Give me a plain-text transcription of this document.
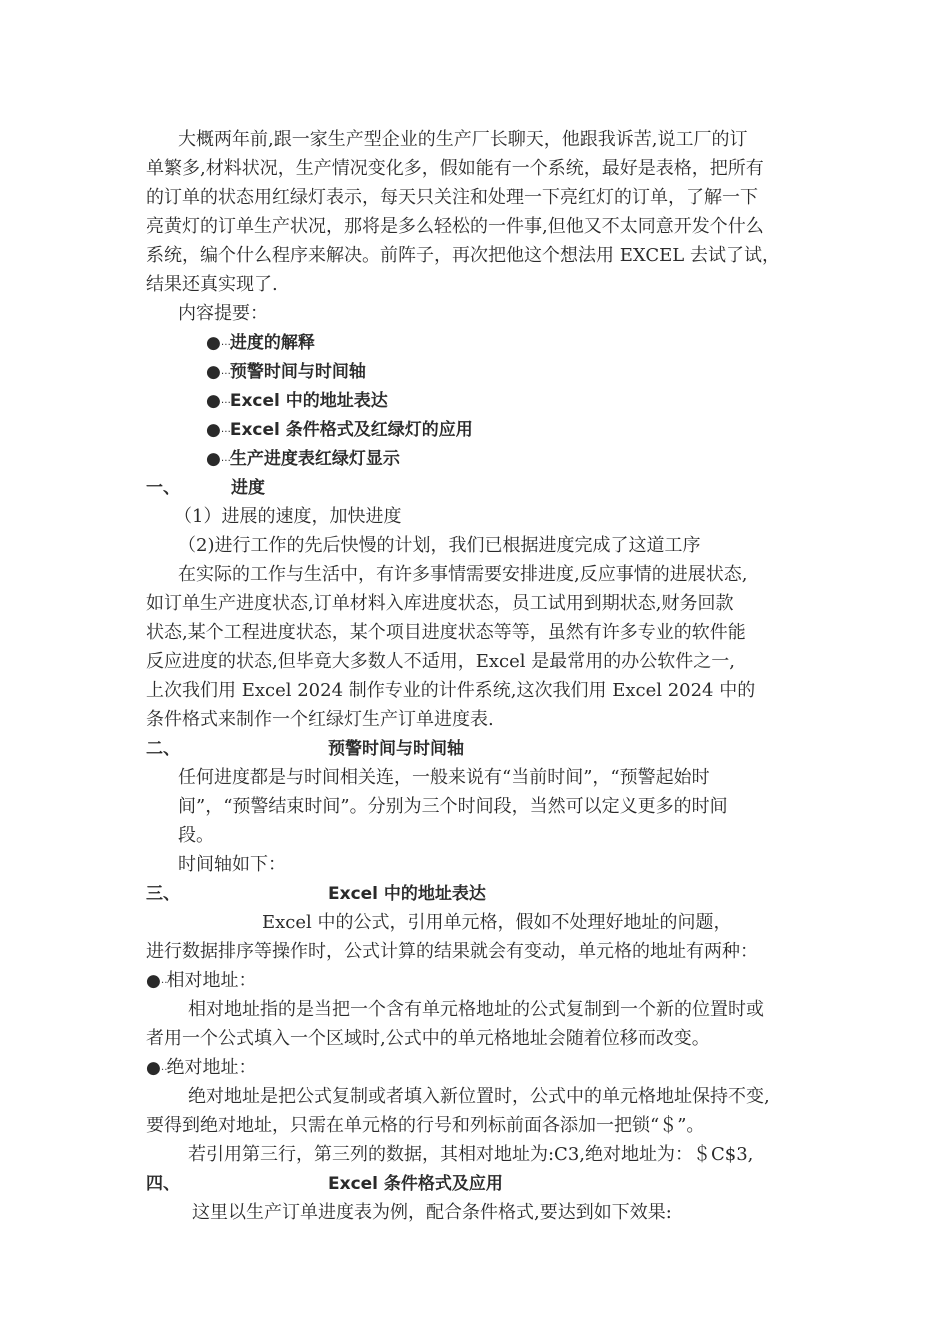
大概两年前,跟一家生产型企业的生产厂长聊天，他跟我诉苦,说工厂的订
单繁多,材料状况，生产情况变化多，假如能有一个系统，最好是表格，把所有
的订单的状态用红绿灯表示，每天只关注和处理一下亮红灯的订单，了解一下
亮黄灯的订单生产状况，那将是多么轻松的一件事,但他又不太同意开发个什么
系统，编个什么程序来解决。前阵子，再次把他这个想法用 EXCEL 去试了试，
结果还真实现了.
内容提要：
●…进度的解释
●…预警时间与时间轴
●…Excel 中的地址表达
●…Excel 条件格式及红绿灯的应用
●…生产进度表红绿灯显示
一、	进度
（1）进展的速度，加快进度
（2)进行工作的先后快慢的计划，我们已根据进度完成了这道工序
在实际的工作与生活中，有许多事情需要安排进度,反应事情的进展状态,
如订单生产进度状态,订单材料入库进度状态，员工试用到期状态,财务回款
状态,某个工程进度状态，某个项目进度状态等等，虽然有许多专业的软件能
反应进度的状态,但毕竟大多数人不适用，Excel 是最常用的办公软件之一,
上次我们用 Excel 2024 制作专业的计件系统,这次我们用 Excel 2024 中的
条件格式来制作一个红绿灯生产订单进度表.
二、	预警时间与时间轴
任何进度都是与时间相关连，一般来说有“当前时间”，“预警起始时
间”，“预警结束时间”。分别为三个时间段，当然可以定义更多的时间
段。
时间轴如下：
三、	Excel 中的地址表达
Excel 中的公式，引用单元格，假如不处理好地址的问题，
进行数据排序等操作时，公式计算的结果就会有变动，单元格的地址有两种：
●‥相对地址：
相对地址指的是当把一个含有单元格地址的公式复制到一个新的位置时或
者用一个公式填入一个区域时,公式中的单元格地址会随着位移而改变。
●‥绝对地址：
绝对地址是把公式复制或者填入新位置时，公式中的单元格地址保持不变,
要得到绝对地址，只需在单元格的行号和列标前面各添加一把锁“＄”。
若引用第三行，第三列的数据，其相对地址为:C3,绝对地址为：＄C$3,
四、	Excel 条件格式及应用
这里以生产订单进度表为例，配合条件格式,要达到如下效果:
